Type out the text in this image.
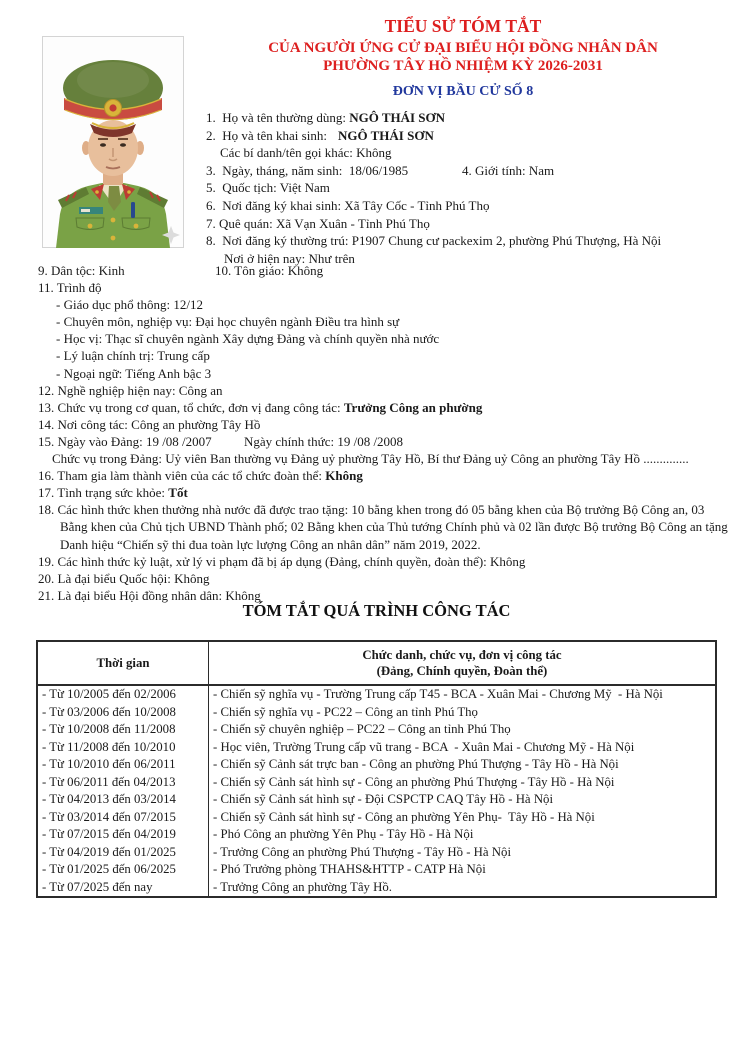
TIỂU SỬ TÓM TẮT
CỦA NGƯỜI ỨNG CỬ ĐẠI BIỂU HỘI ĐỒNG NHÂN DÂN
PHƯỜNG TÂY HỒ NHIỆM KỲ 2026-2031
ĐƠN VỊ BẦU CỬ SỐ 8
1.  Họ và tên thường dùng: NGÔ THÁI SƠN
2.  Họ và tên khai sinh: NGÔ THÁI SƠN
Các bí danh/tên gọi khác: Không
3.  Ngày, tháng, năm sinh:  18/06/1985	4. Giới tính: Nam
5.  Quốc tịch: Việt Nam
6.  Nơi đăng ký khai sinh: Xã Tây Cốc - Tỉnh Phú Thọ
7. Quê quán: Xã Vạn Xuân - Tỉnh Phú Thọ
8.  Nơi đăng ký thường trú: P1907 Chung cư packexim 2, phường Phú Thượng, Hà Nội
Nơi ở hiện nay: Như trên
9. Dân tộc: Kinh	10. Tôn giáo: Không
11. Trình độ
- Giáo dục phổ thông: 12/12
- Chuyên môn, nghiệp vụ: Đại học chuyên ngành Điều tra hình sự
- Học vị: Thạc sĩ chuyên ngành Xây dựng Đảng và chính quyền nhà nước
- Lý luận chính trị: Trung cấp
- Ngoại ngữ: Tiếng Anh bậc 3
12. Nghề nghiệp hiện nay: Công an
13. Chức vụ trong cơ quan, tổ chức, đơn vị đang công tác: Trưởng Công an phường
14. Nơi công tác: Công an phường Tây Hồ
15. Ngày vào Đảng: 19 /08 /2007 Ngày chính thức: 19 /08 /2008
Chức vụ trong Đảng: Uỷ viên Ban thường vụ Đảng uỷ phường Tây Hồ, Bí thư Đảng uỷ Công an phường Tây Hồ ..............
16. Tham gia làm thành viên của các tổ chức đoàn thể: Không
17. Tình trạng sức khỏe: Tốt
18. Các hình thức khen thưởng nhà nước đã được trao tặng: 10 bằng khen trong đó 05 bằng khen của Bộ trưởng Bộ Công an, 03 Bằng khen của Chủ tịch UBND Thành phố; 02 Bằng khen của Thủ tướng Chính phủ và 02 lần được Bộ trưởng Bộ Công an tặng Danh hiệu “Chiến sỹ thi đua toàn lực lượng Công an nhân dân” năm 2019, 2022.
19. Các hình thức kỷ luật, xử lý vi phạm đã bị áp dụng (Đảng, chính quyền, đoàn thể): Không
20. Là đại biểu Quốc hội: Không
21. Là đại biểu Hội đồng nhân dân: Không
TÓM TẮT QUÁ TRÌNH CÔNG TÁC
Thời gian	Chức danh, chức vụ, đơn vị công tác
(Đảng, Chính quyền, Đoàn thể)

- Từ 10/2005 đến 02/2006	- Chiến sỹ nghĩa vụ - Trường Trung cấp T45 - BCA - Xuân Mai - Chương Mỹ  - Hà Nội

- Từ 03/2006 đến 10/2008	- Chiến sỹ nghĩa vụ - PC22 – Công an tỉnh Phú Thọ

- Từ 10/2008 đến 11/2008	- Chiến sỹ chuyên nghiệp – PC22 – Công an tỉnh Phú Thọ

- Từ 11/2008 đến 10/2010	- Học viên, Trường Trung cấp vũ trang - BCA  - Xuân Mai - Chương Mỹ - Hà Nội

- Từ 10/2010 đến 06/2011	- Chiến sỹ Cảnh sát trực ban - Công an phường Phú Thượng - Tây Hồ - Hà Nội

- Từ 06/2011 đến 04/2013	- Chiến sỹ Cảnh sát hình sự - Công an phường Phú Thượng - Tây Hồ - Hà Nội

- Từ 04/2013 đến 03/2014	- Chiến sỹ Cảnh sát hình sự - Đội CSPCTP CAQ Tây Hồ - Hà Nội

- Từ 03/2014 đến 07/2015	- Chiến sỹ Cảnh sát hình sự - Công an phường Yên Phụ-  Tây Hồ - Hà Nội

- Từ 07/2015 đến 04/2019	- Phó Công an phường Yên Phụ - Tây Hồ - Hà Nội

- Từ 04/2019 đến 01/2025	- Trưởng Công an phường Phú Thượng - Tây Hồ - Hà Nội

- Từ 01/2025 đến 06/2025	- Phó Trưởng phòng THAHS&HTTP - CATP Hà Nội

- Từ 07/2025 đến nay	- Trưởng Công an phường Tây Hồ.
